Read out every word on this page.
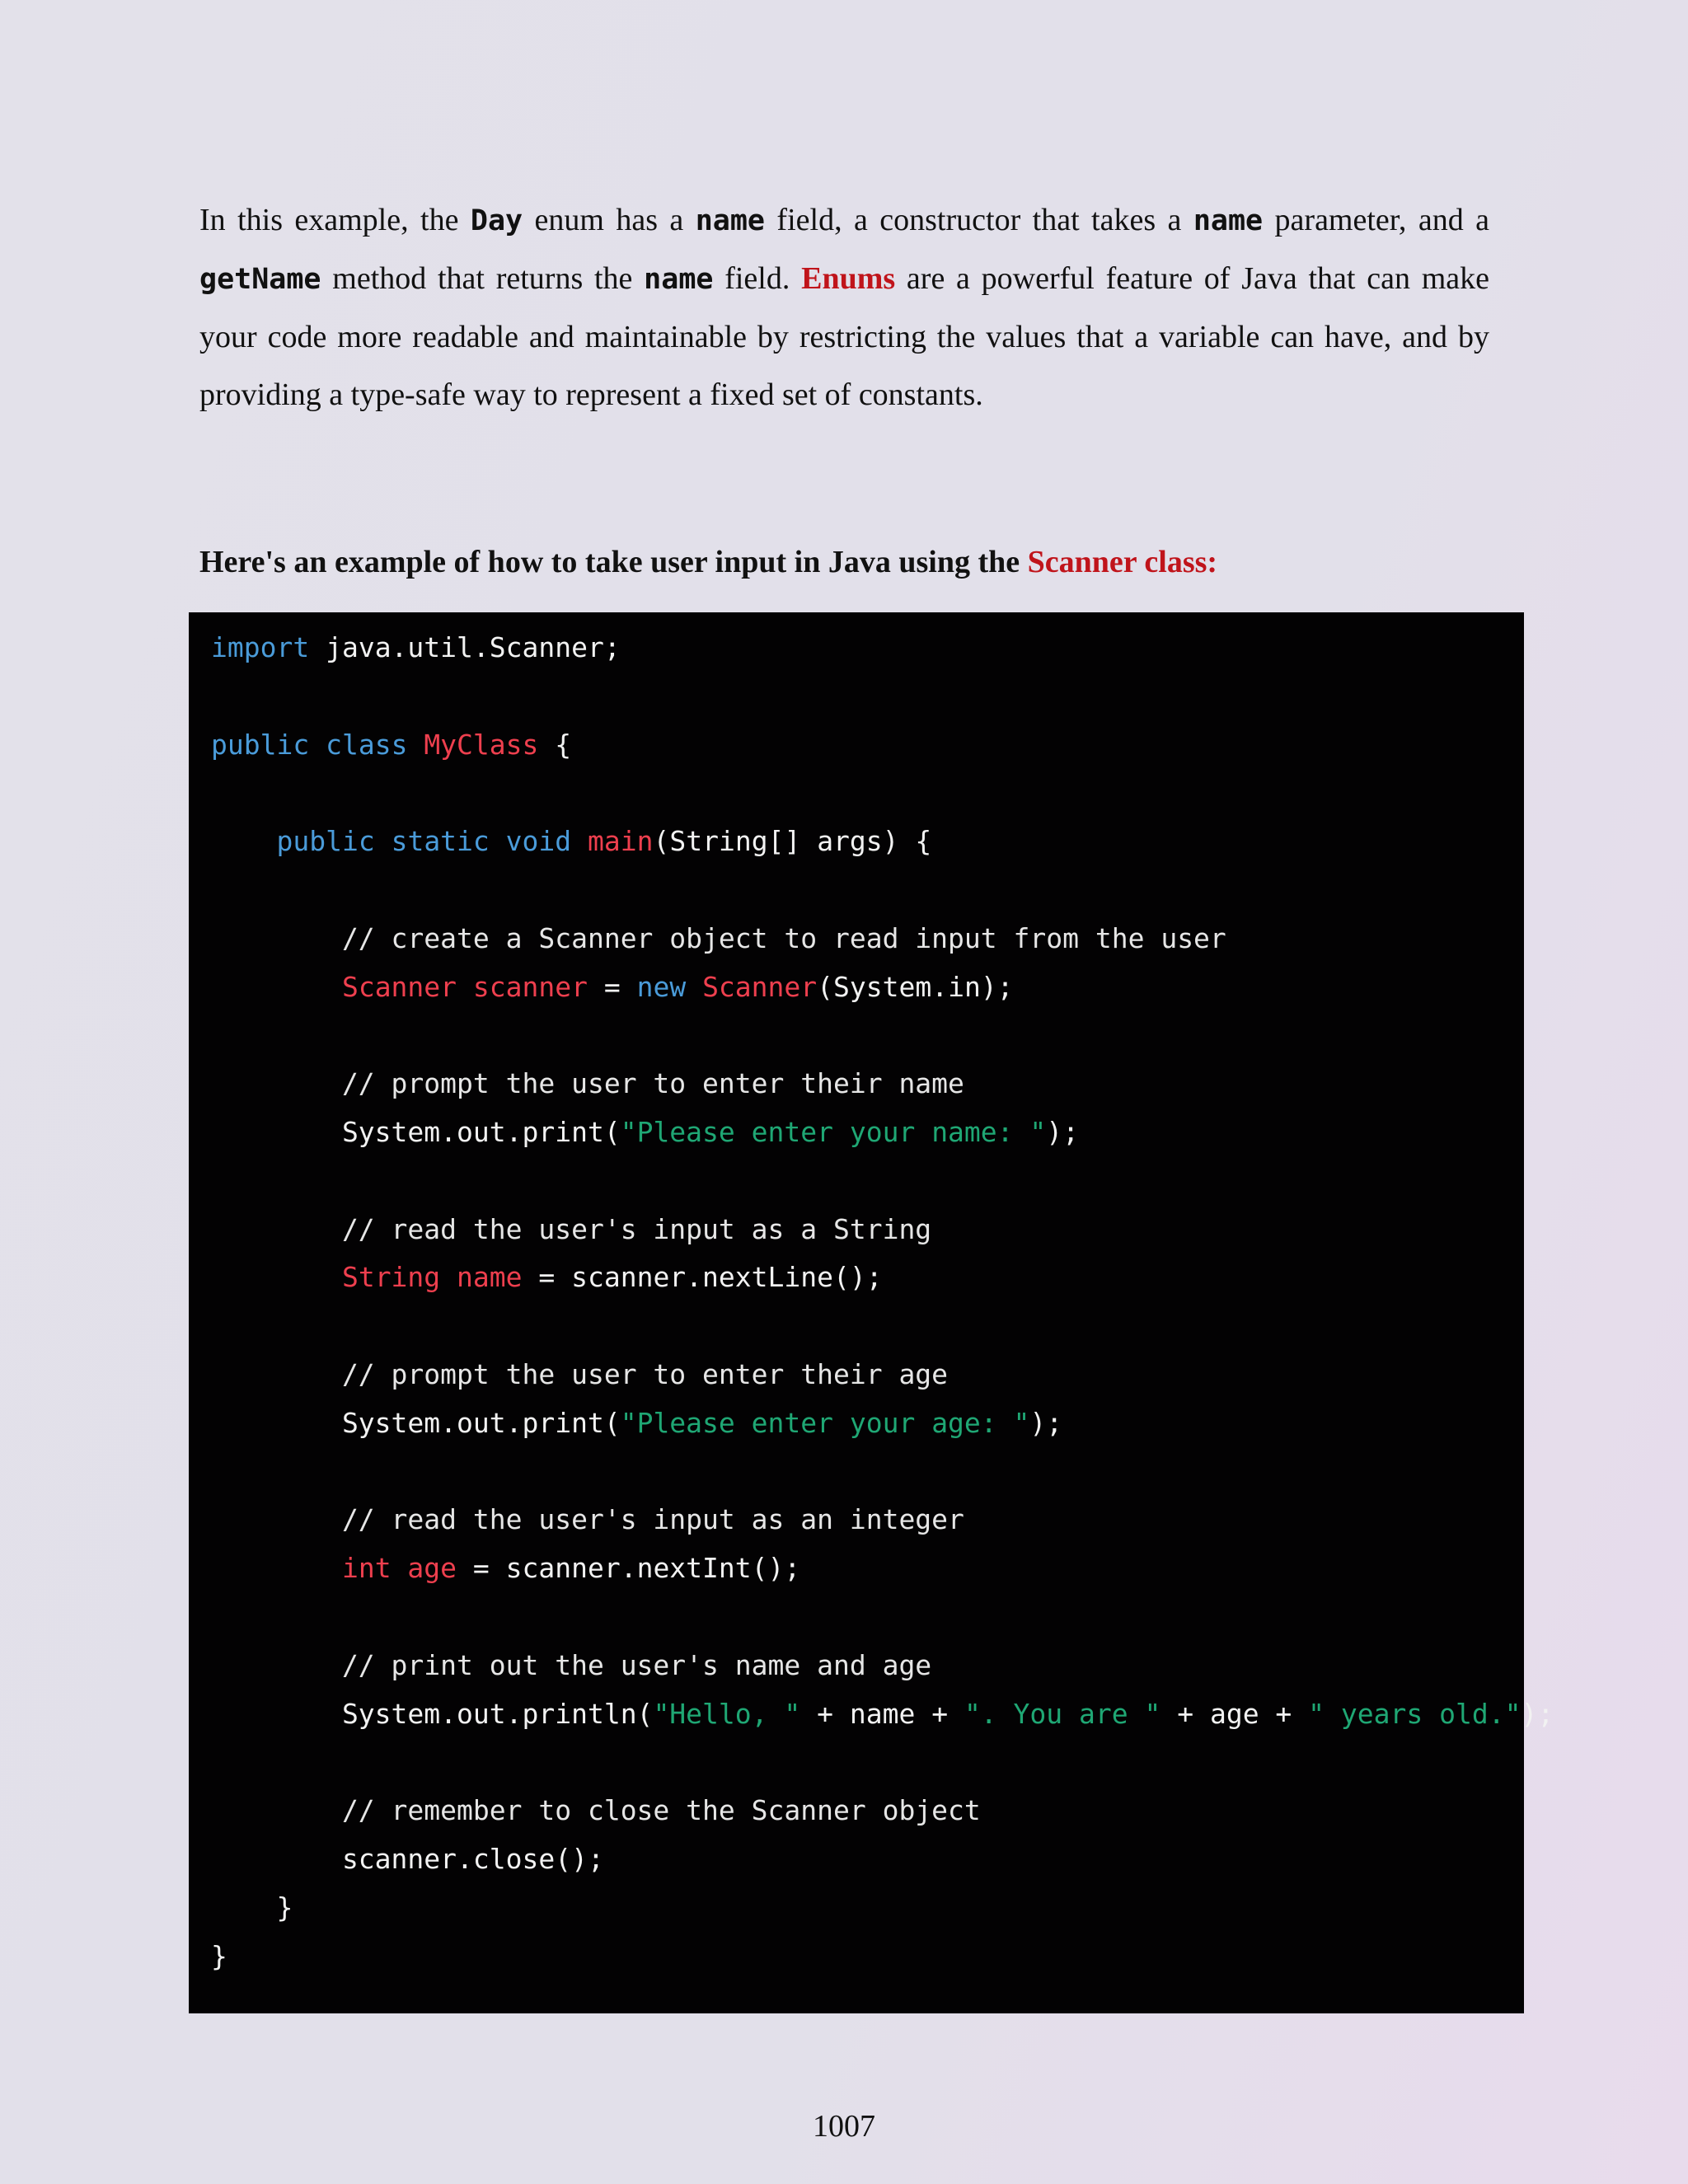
In this example, the Day enum has a name field, a constructor that takes a name parameter, and a getName method that returns the name field. Enums are a powerful feature of Java that can make your code more readable and maintainable by restricting the values that a variable can have, and by providing a type-safe way to represent a fixed set of constants.

Here's an example of how to take user input in Java using the Scanner class:

import java.util.Scanner;
public class MyClass {
public static void main(String[] args) {
// create a Scanner object to read input from the user
Scanner scanner = new Scanner(System.in);
// prompt the user to enter their name
System.out.print("Please enter your name: ");
// read the user's input as a String
String name = scanner.nextLine();
// prompt the user to enter their age
System.out.print("Please enter your age: ");
// read the user's input as an integer
int age = scanner.nextInt();
// print out the user's name and age
System.out.println("Hello, " + name + ". You are " + age + " years old.");
// remember to close the Scanner object
scanner.close();
}
}
1007
